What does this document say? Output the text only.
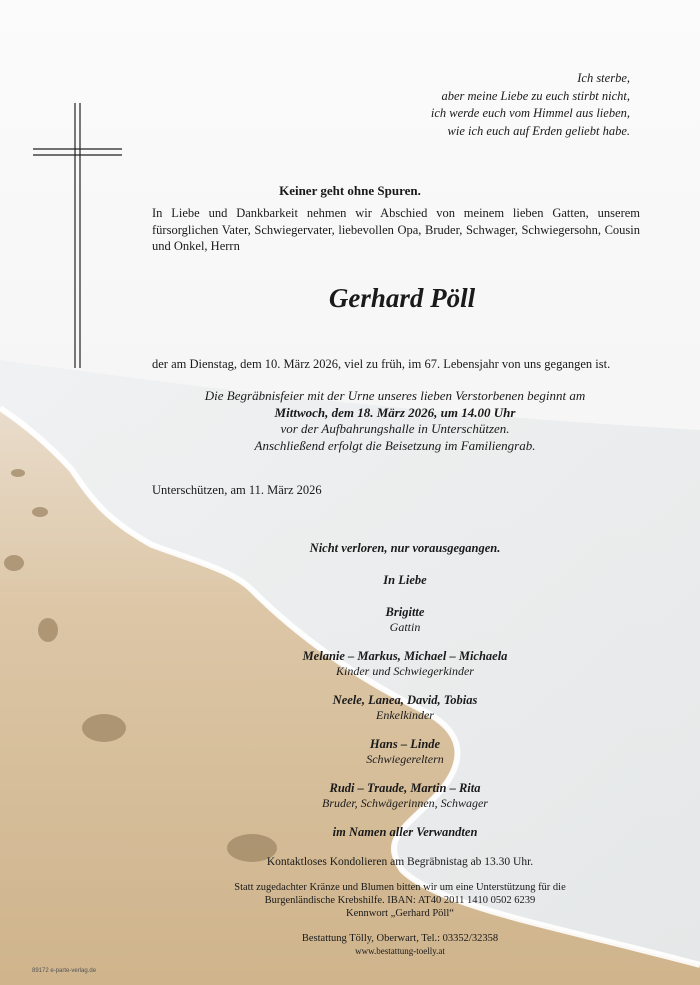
Ich sterbe,
aber meine Liebe zu euch stirbt nicht,
ich werde euch vom Himmel aus lieben,
wie ich euch auf Erden geliebt habe.
Keiner geht ohne Spuren.
In Liebe und Dankbarkeit nehmen wir Abschied von meinem lieben Gatten, unserem fürsorglichen Vater, Schwiegervater, liebevollen Opa, Bruder, Schwager, Schwiegersohn, Cousin und Onkel, Herrn
Gerhard Pöll
der am Dienstag, dem 10. März 2026, viel zu früh, im 67. Lebensjahr von uns gegangen ist.
Die Begräbnisfeier mit der Urne unseres lieben Verstorbenen beginnt am
Mittwoch, dem 18. März 2026, um 14.00 Uhr
vor der Aufbahrungshalle in Unterschützen.
Anschließend erfolgt die Beisetzung im Familiengrab.
Unterschützen, am 11. März 2026
Nicht verloren, nur vorausgegangen.
In Liebe
Brigitte
Gattin
Melanie – Markus, Michael – Michaela
Kinder und Schwiegerkinder
Neele, Lanea, David, Tobias
Enkelkinder
Hans – Linde
Schwiegereltern
Rudi – Traude, Martin – Rita
Bruder, Schwägerinnen, Schwager
im Namen aller Verwandten
Kontaktloses Kondolieren am Begräbnistag ab 13.30 Uhr.
Statt zugedachter Kränze und Blumen bitten wir um eine Unterstützung für die
Burgenländische Krebshilfe. IBAN: AT40 2011 1410 0502 6239
Kennwort „Gerhard Pöll“
Bestattung Tölly, Oberwart, Tel.: 03352/32358
www.bestattung-toelly.at
89172 e-parte-verlag.de
